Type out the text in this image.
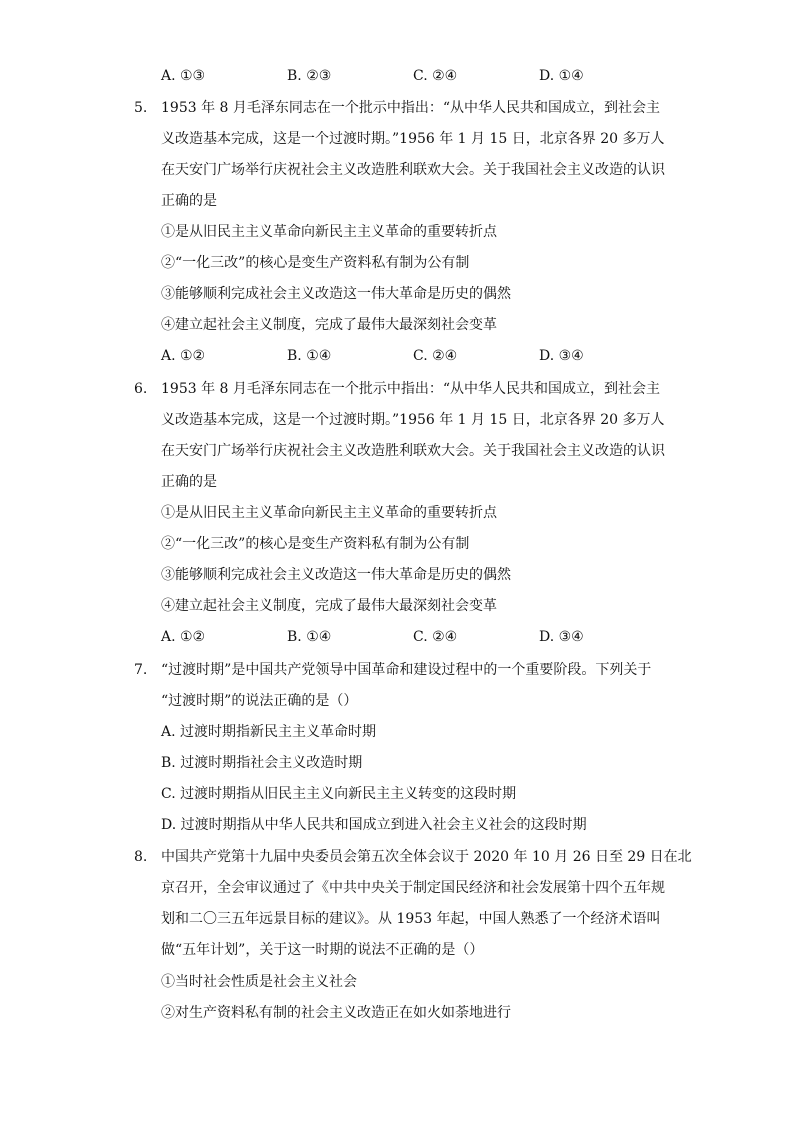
A. ①③	B. ②③	C. ②④	D. ①④
5. 1953 年 8 月毛泽东同志在一个批示中指出：“从中华人民共和国成立，到社会主
义改造基本完成，这是一个过渡时期。”1956 年 1 月 15 日，北京各界 20 多万人
在天安门广场举行庆祝社会主义改造胜利联欢大会。关于我国社会主义改造的认识
正确的是
①是从旧民主主义革命向新民主主义革命的重要转折点
②“一化三改”的核心是变生产资料私有制为公有制
③能够顺利完成社会主义改造这一伟大革命是历史的偶然
④建立起社会主义制度，完成了最伟大最深刻社会变革
A. ①②	B. ①④	C. ②④	D. ③④
6. 1953 年 8 月毛泽东同志在一个批示中指出：“从中华人民共和国成立，到社会主
义改造基本完成，这是一个过渡时期。”1956 年 1 月 15 日，北京各界 20 多万人
在天安门广场举行庆祝社会主义改造胜利联欢大会。关于我国社会主义改造的认识
正确的是
①是从旧民主主义革命向新民主主义革命的重要转折点
②“一化三改”的核心是变生产资料私有制为公有制
③能够顺利完成社会主义改造这一伟大革命是历史的偶然
④建立起社会主义制度，完成了最伟大最深刻社会变革
A. ①②	B. ①④	C. ②④	D. ③④
7. “过渡时期”是中国共产党领导中国革命和建设过程中的一个重要阶段。下列关于
“过渡时期”的说法正确的是（）
A. 过渡时期指新民主主义革命时期
B. 过渡时期指社会主义改造时期
C. 过渡时期指从旧民主主义向新民主主义转变的这段时期
D. 过渡时期指从中华人民共和国成立到进入社会主义社会的这段时期
8. 中国共产党第十九届中央委员会第五次全体会议于 2020 年 10 月 26 日至 29 日在北
京召开，全会审议通过了《中共中央关于制定国民经济和社会发展第十四个五年规
划和二〇三五年远景目标的建议》。从 1953 年起，中国人熟悉了一个经济术语叫
做“五年计划”，关于这一时期的说法不正确的是（）
①当时社会性质是社会主义社会
②对生产资料私有制的社会主义改造正在如火如荼地进行
